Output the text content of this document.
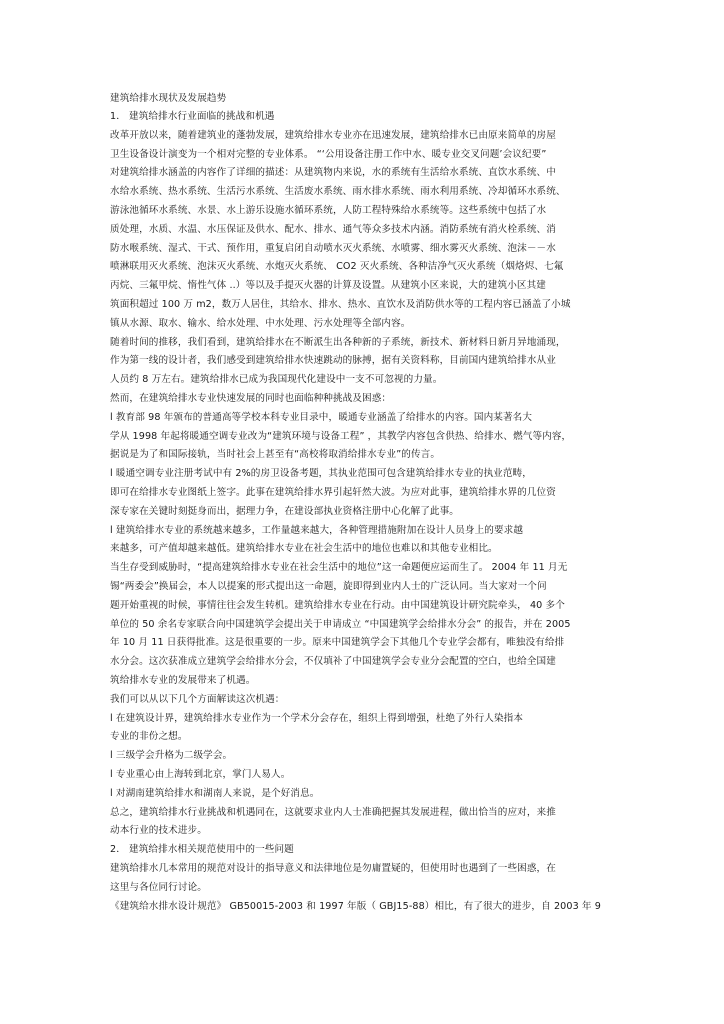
建筑给排水现状及发展趋势
1． 建筑给排水行业面临的挑战和机遇
改革开放以来，随着建筑业的蓬勃发展，建筑给排水专业亦在迅速发展，建筑给排水已由原来简单的房屋
卫生设备设计演变为一个相对完整的专业体系。 “‘公用设备注册工作中水、暖专业交叉问题’会议纪要”
对建筑给排水涵盖的内容作了详细的描述：从建筑物内来说，水的系统有生活给水系统、直饮水系统、中
水给水系统、热水系统、生活污水系统、生活废水系统、雨水排水系统、雨水利用系统、冷却循环水系统、
游泳池循环水系统、水景、水上游乐设施水循环系统，人防工程特殊给水系统等。这些系统中包括了水
质处理，水质、水温、水压保证及供水、配水、排水、通气等众多技术内涵。消防系统有消火栓系统、消
防水喉系统、湿式、干式、预作用，重复启闭自动喷水灭火系统、水喷雾、细水雾灭火系统、泡沫－－水
喷淋联用灭火系统、泡沫灭火系统、水炮灭火系统、 CO2 灭火系统、各种洁净气灭火系统（烟烙烬、七氟
丙烷、三氟甲烷、惰性气体 ..）等以及手提灭火器的计算及设置。从建筑小区来说，大的建筑小区其建
筑面积超过 100 万 m2，数万人居住，其给水、排水、热水、直饮水及消防供水等的工程内容已涵盖了小城
镇从水源、取水、输水、给水处理、中水处理、污水处理等全部内容。
随着时间的推移，我们看到，建筑给排水在不断派生出各种新的子系统，新技术、新材料日新月异地涌现，
作为第一线的设计者，我们感受到建筑给排水快速跳动的脉搏，据有关资料称，目前国内建筑给排水从业
人员约 8 万左右。建筑给排水已成为我国现代化建设中一支不可忽视的力量。
然而，在建筑给排水专业快速发展的同时也面临种种挑战及困惑：
l 教育部 98 年颁布的普通高等学校本科专业目录中，暖通专业涵盖了给排水的内容。国内某著名大
学从 1998 年起将暖通空调专业改为“建筑环境与设备工程” ，其教学内容包含供热、给排水、燃气等内容，
据说是为了和国际接轨，当时社会上甚至有“高校将取消给排水专业”的传言。
l 暖通空调专业注册考试中有 2%的房卫设备考题，其执业范围可包含建筑给排水专业的执业范畴，
即可在给排水专业图纸上签字。此事在建筑给排水界引起轩然大波。为应对此事，建筑给排水界的几位资
深专家在关键时刻挺身而出，据理力争，在建设部执业资格注册中心化解了此事。
l 建筑给排水专业的系统越来越多，工作量越来越大，各种管理措施附加在设计人员身上的要求越
来越多，可产值却越来越低。建筑给排水专业在社会生活中的地位也难以和其他专业相比。
当生存受到威胁时，“提高建筑给排水专业在社会生活中的地位”这一命题便应运而生了。 2004 年 11 月无
锡“两委会”换届会，本人以提案的形式提出这一命题，旋即得到业内人士的广泛认同。当大家对一个问
题开始重视的时候，事情往往会发生转机。建筑给排水专业在行动。由中国建筑设计研究院牵头， 40 多个
单位的 50 余名专家联合向中国建筑学会提出关于申请成立 “中国建筑学会给排水分会” 的报告，并在 2005
年 10 月 11 日获得批准。这是很重要的一步。原来中国建筑学会下其他几个专业学会都有，唯独没有给排
水分会。这次获准成立建筑学会给排水分会，不仅填补了中国建筑学会专业分会配置的空白，也给全国建
筑给排水专业的发展带来了机遇。
我们可以从以下几个方面解读这次机遇：
l 在建筑设计界，建筑给排水专业作为一个学术分会存在，组织上得到增强，杜绝了外行人染指本
专业的非份之想。
l 三级学会升格为二级学会。
l 专业重心由上海转到北京，掌门人易人。
l 对湖南建筑给排水和湖南人来说，是个好消息。
总之，建筑给排水行业挑战和机遇同在，这就要求业内人士准确把握其发展进程，做出恰当的应对，来推
动本行业的技术进步。
2． 建筑给排水相关规范使用中的一些问题
建筑给排水几本常用的规范对设计的指导意义和法律地位是勿庸置疑的，但使用时也遇到了一些困惑，在
这里与各位同行讨论。
《建筑给水排水设计规范》 GB50015-2003 和 1997 年版（ GBJ15-88）相比，有了很大的进步，自 2003 年 9
